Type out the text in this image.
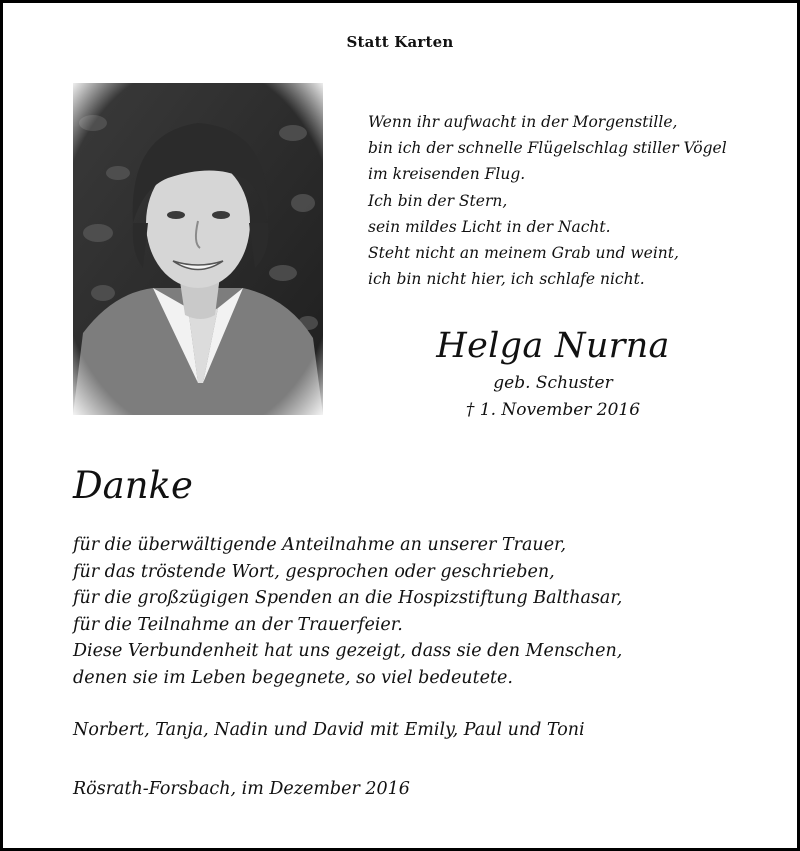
Statt Karten
Wenn ihr aufwacht in der Morgenstille,
bin ich der schnelle Flügelschlag stiller Vögel
im kreisenden Flug.
Ich bin der Stern,
sein mildes Licht in der Nacht.
Steht nicht an meinem Grab und weint,
ich bin nicht hier, ich schlafe nicht.
Helga Nurna
geb. Schuster
† 1. November 2016
Danke
für die überwältigende Anteilnahme an unserer Trauer,
für das tröstende Wort, gesprochen oder geschrieben,
für die großzügigen Spenden an die Hospizstiftung Balthasar,
für die Teilnahme an der Trauerfeier.
Diese Verbundenheit hat uns gezeigt, dass sie den Menschen,
denen sie im Leben begegnete, so viel bedeutete.
Norbert, Tanja, Nadin und David mit Emily, Paul und Toni
Rösrath-Forsbach, im Dezember 2016
